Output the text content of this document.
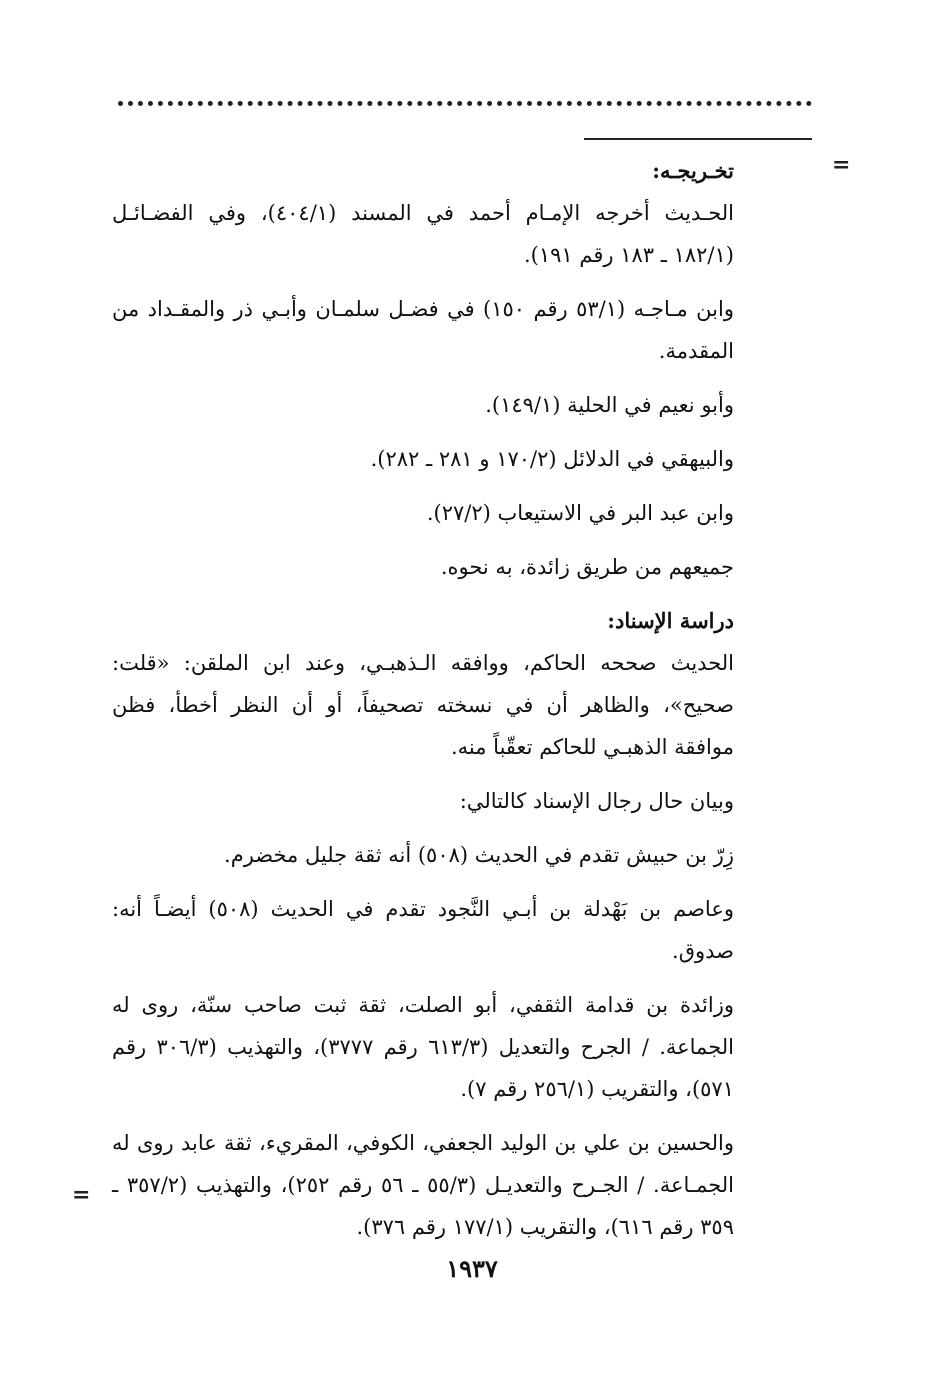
=
=

تخـريجـه:

الحـديث أخرجه الإمـام أحمد في المسند (٤٠٤/١)، وفي الفضـائـل (١٨٢/١ ـ ١٨٣ رقم ١٩١).

وابن مـاجـه (٥٣/١ رقم ١٥٠) في فضـل سلمـان وأبـي ذر والمقـداد من المقدمة.

وأبو نعيم في الحلية (١٤٩/١).

والبيهقي في الدلائل (١٧٠/٢ و ٢٨١ ـ ٢٨٢).

وابن عبد البر في الاستيعاب (٢٧/٢).

جميعهم من طريق زائدة، به نحوه.

دراسة الإسناد:

الحديث صححه الحاكم، ووافقه الـذهبـي، وعند ابن الملقن: «قلت: صحيح»، والظاهر أن في نسخته تصحيفاً، أو أن النظر أخطأ، فظن موافقة الذهبـي للحاكم تعقّباً منه.

وبيان حال رجال الإسناد كالتالي:

زِرّ بن حبيش تقدم في الحديث (٥٠٨) أنه ثقة جليل مخضرم.

وعاصم بن بَهْدلة بن أبـي النَّجود تقدم في الحديث (٥٠٨) أيضـاً أنه: صدوق.

وزائدة بن قدامة الثقفي، أبو الصلت، ثقة ثبت صاحب سنّة، روى له الجماعة. / الجرح والتعديل (٦١٣/٣ رقم ٣٧٧٧)، والتهذيب (٣٠٦/٣ رقم ٥٧١)، والتقريب (٢٥٦/١ رقم ٧).

والحسين بن علي بن الوليد الجعفي، الكوفي، المقريء، ثقة عابد روى له الجمـاعة. / الجـرح والتعديـل (٥٥/٣ ـ ٥٦ رقم ٢٥٢)، والتهذيب (٣٥٧/٢ ـ ٣٥٩ رقم ٦١٦)، والتقريب (١٧٧/١ رقم ٣٧٦).

١٩٣٧
